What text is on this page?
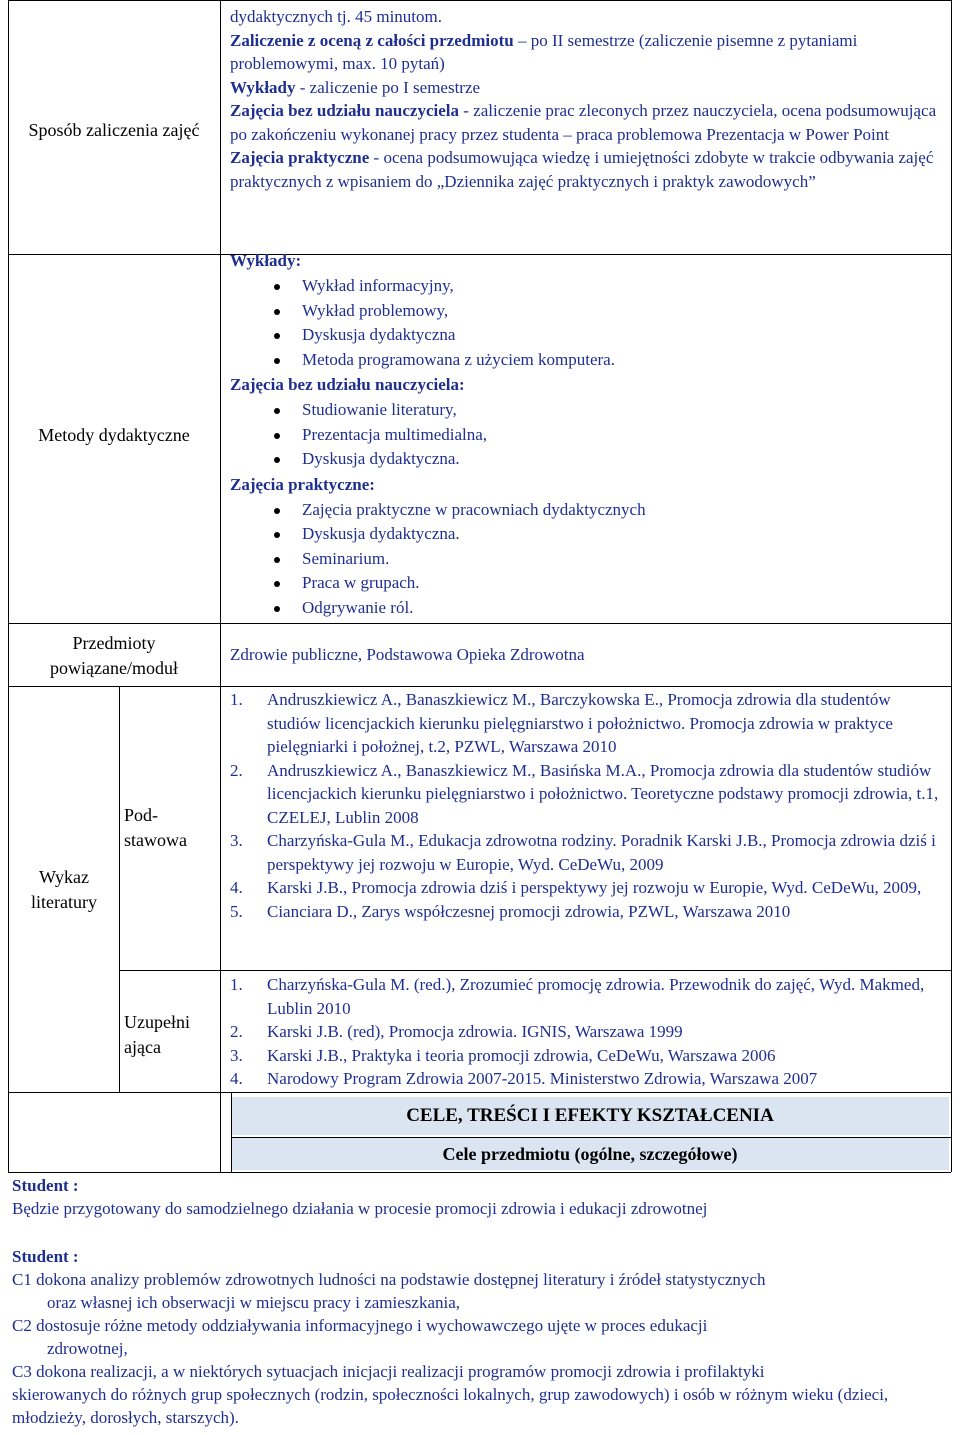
CELE, TREŚCI I EFEKTY KSZTAŁCENIA
Cele przedmiotu (ogólne, szczegółowe)
Sposób zaliczenia zajęć
dydaktycznych tj. 45 minutom.
Zaliczenie z oceną z całości przedmiotu – po II semestrze (zaliczenie pisemne z pytaniami problemowymi, max. 10 pytań)
Wykłady - zaliczenie po I semestrze
Zajęcia bez udziału nauczyciela - zaliczenie prac zleconych przez nauczyciela, ocena podsumowująca po zakończeniu wykonanej pracy przez studenta – praca problemowa Prezentacja w Power Point
Zajęcia praktyczne - ocena podsumowująca wiedzę i umiejętności zdobyte w trakcie odbywania zajęć praktycznych z wpisaniem do „Dziennika zajęć praktycznych i praktyk zawodowych”
Metody dydaktyczne
Wykłady:
Wykład informacyjny,
Wykład problemowy,
Dyskusja dydaktyczna
Metoda programowana z użyciem komputera.
Zajęcia bez udziału nauczyciela:
Studiowanie literatury,
Prezentacja multimedialna,
Dyskusja dydaktyczna.
Zajęcia praktyczne:
Zajęcia praktyczne w pracowniach dydaktycznych
Dyskusja dydaktyczna.
Seminarium.
Praca w grupach.
Odgrywanie ról.
Przedmioty powiązane/moduł
Zdrowie publiczne, Podstawowa Opieka Zdrowotna
Wykaz literatury
Pod-stawowa
Uzupełni ająca
1. Andruszkiewicz A., Banaszkiewicz M., Barczykowska E., Promocja zdrowia dla studentów studiów licencjackich kierunku pielęgniarstwo i położnictwo. Promocja zdrowia w praktyce pielęgniarki i położnej, t.2, PZWL, Warszawa 2010
2. Andruszkiewicz A., Banaszkiewicz M., Basińska M.A., Promocja zdrowia dla studentów studiów licencjackich kierunku pielęgniarstwo i położnictwo. Teoretyczne podstawy promocji zdrowia, t.1, CZELEJ, Lublin 2008
3. Charzyńska-Gula M., Edukacja zdrowotna rodziny. Poradnik Karski J.B., Promocja zdrowia dziś i perspektywy jej rozwoju w Europie, Wyd. CeDeWu, 2009
4. Karski J.B., Promocja zdrowia dziś i perspektywy jej rozwoju w Europie, Wyd. CeDeWu, 2009,
5. Cianciara D., Zarys współczesnej promocji zdrowia, PZWL, Warszawa 2010
1. Charzyńska-Gula M. (red.), Zrozumieć promocję zdrowia. Przewodnik do zajęć, Wyd. Makmed, Lublin 2010
2. Karski J.B. (red), Promocja zdrowia. IGNIS, Warszawa 1999
3. Karski J.B., Praktyka i teoria promocji zdrowia, CeDeWu, Warszawa 2006
4. Narodowy Program Zdrowia 2007-2015. Ministerstwo Zdrowia, Warszawa 2007
Student :
Będzie przygotowany do samodzielnego działania w procesie promocji zdrowia i edukacji zdrowotnej
Student :
C1 dokona analizy problemów zdrowotnych ludności na podstawie dostępnej literatury i źródeł statystycznych
oraz własnej ich obserwacji w miejscu pracy i zamieszkania,
C2 dostosuje różne metody oddziaływania informacyjnego i wychowawczego ujęte w proces edukacji
zdrowotnej,
C3 dokona realizacji, a w niektórych sytuacjach inicjacji realizacji programów promocji zdrowia i profilaktyki
skierowanych do różnych grup społecznych (rodzin, społeczności lokalnych, grup zawodowych) i osób w różnym wieku (dzieci, młodzieży, dorosłych, starszych).
